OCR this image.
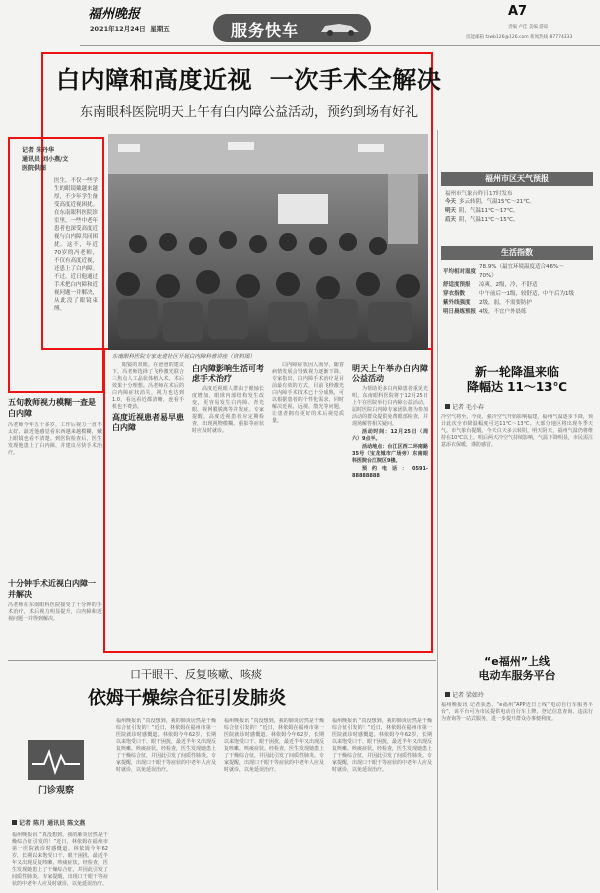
福州晚报
2021年12月24日 星期五	服务快车
A7
责编 卢佳 美编 游琼
技能邮箱 fzwb126@126.com 新闻热线 87774333
白内障和高度近视  一次手术全解决
东南眼科医院明天上午有白内障公益活动，预约到场有好礼
记者 朱丹华
通讯员 刘小燕/文
医院供图
医生，不仅一些学生的眼镜戴越来越厚，不少年学生备受高度近视困扰。在东南眼科医院诊室里，一些中老年患者也深受高度近视与白内障共同困扰。这不，年近70岁的冯老师，不仅有高度近视，还患上了白内障。不过，近日他通过手术把白内障和近视问题一并解决，从此没了眼镜束缚。
东南眼科医院专家走进社区开展白内障科普讲座（资料图）

眼镜的双眼。在爸爸的建议下，冯老师选择了飞秒激光联合三焦点人工晶状体植入术。术后效果十分理想。冯老师在术后的白内障症状消失，视力也达到1.0，看远看近都清晰，连看手机也不费劲。

高度近视患者易早患白内障
白内障影响生活可考虑手术治疗

高度近视眼人群由于眼轴长度增加，眼球内部结构发生改变，更容易发生白内障、青光眼、视网膜脱离等并发症。专家提醒，高度近视患者应定期检查，出现视物模糊、重影等症状时应及时就诊。

白内障症状因人而异，随着病情发展会导致视力逐渐下降。专家指出，白内障手术治疗是目前最有效的方式，目前飞秒激光白内障手术技术已十分成熟，可以根据患者的个性化需求，同时解决近视、远视、散光等问题，让患者拥有更好的术后视觉质量。

明天上午举办白内障公益活动

为帮助更多白内障患者重见光明，东南眼科医院将于12月25日上午在医院举行白内障公益活动，届时医院白内障专家团队将为参加活动的群众提供免费眼部检查，并现场解答相关疑问。

活动时间：12月25日（周六）9点半。

活动地点：台江区西二环南路35号（宝龙城市广场旁）东南眼科医院台江院区9楼。

预约电话：0591-88888888

五旬教师视力模糊一查是白内障
冯老师今年五十多岁，工作后视力一直不太好。最近他感觉看东西越来越模糊，戴上眼镜也看不清楚。到医院检查后，医生发现他患上了白内障，并建议尽快手术治疗。
十分钟手术近视白内障一并解决
冯老师在东南眼科医院接受了十分钟的手术治疗，术后视力明显提升，白内障和近视问题一并得到解决。
福州市区天气预报
福州市气象台昨日17时发布
今天	多云转阴，气温15℃～21℃。
明天	阴，气温11℃～17℃。
后天	阴，气温11℃～15℃。
生活指数
平均相对湿度	78.9%（最宜环境温度适合46%～70%）
舒适度预报	凉爽，2级，冷，不舒适
穿衣指数	中午前后一1级，较舒适，中午后为1级
紫外线强度	2级，弱，不需要防护
明日晨练预报	4级，不宜户外晨练
新一轮降温来临
降幅达 11～13℃
记者 毛小春
冷空气将至。今夜，强冷空气开始影响福建，福州气温逐步下降，预计此次全市降温幅度可达11℃～13℃。大部分地区将出现冬季天气。市气象台提醒，今天白天多云转阴，明天阴天，福州气温仍将维持在10℃以上。明后两天冷空气持续影响，气温下降明显，市民需注意添衣保暖，谨防感冒。
“e福州”上线
电动车服务平台
记者 梁如玲
福州晚报讯 记者获悉，“e福州”APP近日上线“电动自行车服务平台”，该平台可为市民提供电动自行车上牌、登记信息查询、违法行为查询等一站式服务，进一步提升群众办事便利度。
口干眼干、反复咳嗽、咳痰
依姆干燥综合征引发肺炎
门诊观察
记者 陈月 通讯员 陈文燕
福州晚报讯 “真没想到，我的肺炎居然是干燥综合征引发的！”近日，林依姆在福州市第一医院就诊时感慨道。林依姆今年62岁，长期以来饱受口干、眼干困扰，最近半年又出现反复咳嗽、咳痰症状。经检查，医生发现她患上了干燥综合征，并因此引发了间质性肺炎。专家提醒，出现口干眼干等症状的中老年人应及时就诊，以免延误治疗。
福州晚报讯 “真没想到，我的肺炎居然是干燥综合征引发的！”近日，林依姆在福州市第一医院就诊时感慨道。林依姆今年62岁，长期以来饱受口干、眼干困扰，最近半年又出现反复咳嗽、咳痰症状。经检查，医生发现她患上了干燥综合征，并因此引发了间质性肺炎。专家提醒，出现口干眼干等症状的中老年人应及时就诊，以免延误治疗。
福州晚报讯 “真没想到，我的肺炎居然是干燥综合征引发的！”近日，林依姆在福州市第一医院就诊时感慨道。林依姆今年62岁，长期以来饱受口干、眼干困扰，最近半年又出现反复咳嗽、咳痰症状。经检查，医生发现她患上了干燥综合征，并因此引发了间质性肺炎。专家提醒，出现口干眼干等症状的中老年人应及时就诊，以免延误治疗。
福州晚报讯 “真没想到，我的肺炎居然是干燥综合征引发的！”近日，林依姆在福州市第一医院就诊时感慨道。林依姆今年62岁，长期以来饱受口干、眼干困扰，最近半年又出现反复咳嗽、咳痰症状。经检查，医生发现她患上了干燥综合征，并因此引发了间质性肺炎。专家提醒，出现口干眼干等症状的中老年人应及时就诊，以免延误治疗。
